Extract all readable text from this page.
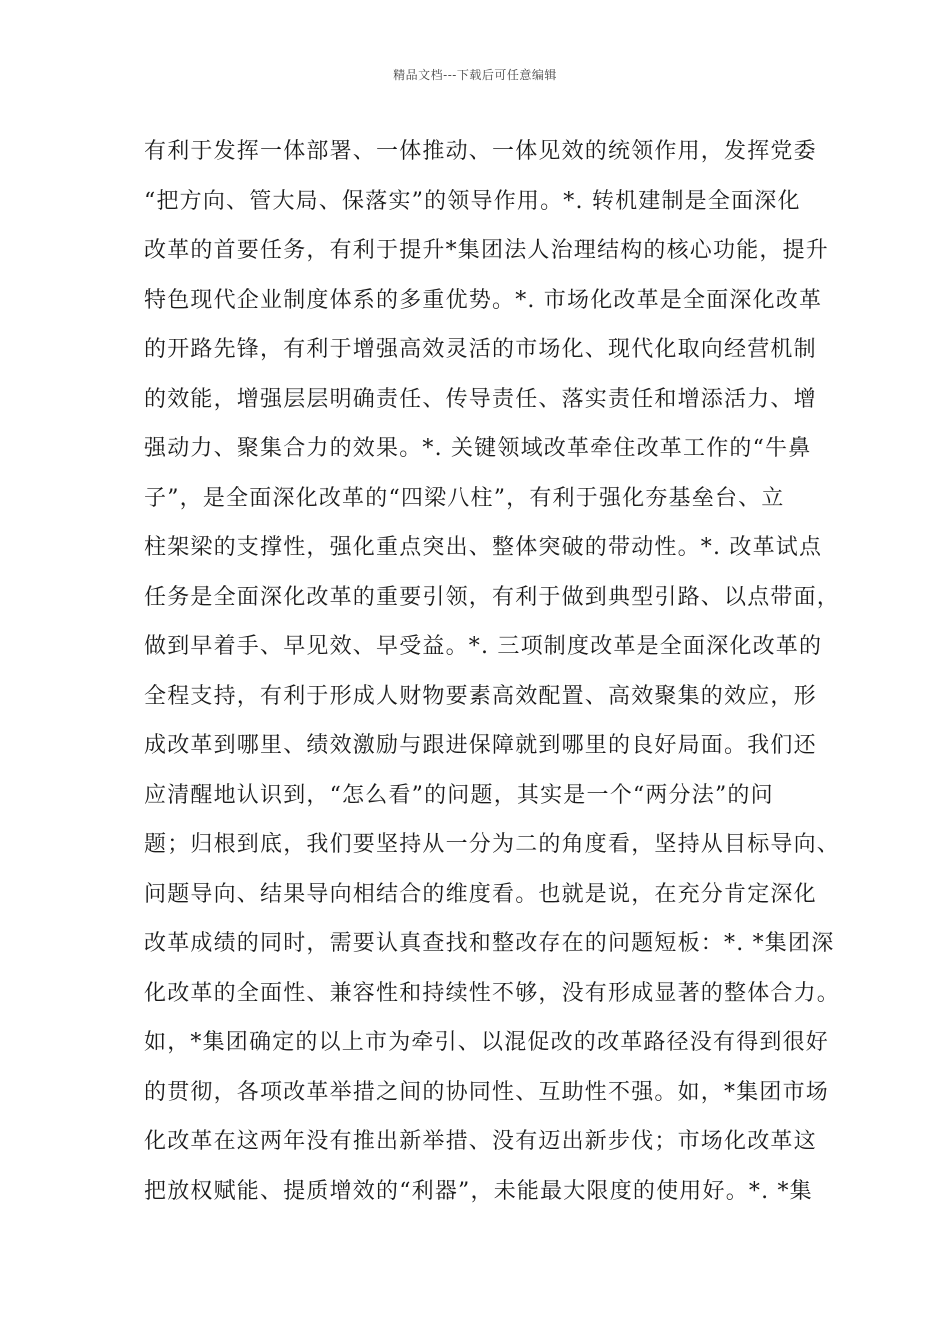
精品文档---下载后可任意编辑
有利于发挥一体部署、一体推动、一体见效的统领作用，发挥党委
“把方向、管大局、保落实”的领导作用。*. 转机建制是全面深化
改革的首要任务，有利于提升*集团法人治理结构的核心功能，提升
特色现代企业制度体系的多重优势。*. 市场化改革是全面深化改革
的开路先锋，有利于增强高效灵活的市场化、现代化取向经营机制
的效能，增强层层明确责任、传导责任、落实责任和增添活力、增
强动力、聚集合力的效果。*. 关键领域改革牵住改革工作的“牛鼻
子”，是全面深化改革的“四梁八柱”，有利于强化夯基垒台、立
柱架梁的支撑性，强化重点突出、整体突破的带动性。*. 改革试点
任务是全面深化改革的重要引领，有利于做到典型引路、以点带面，
做到早着手、早见效、早受益。*. 三项制度改革是全面深化改革的
全程支持，有利于形成人财物要素高效配置、高效聚集的效应，形
成改革到哪里、绩效激励与跟进保障就到哪里的良好局面。我们还
应清醒地认识到，“怎么看”的问题，其实是一个“两分法”的问
题；归根到底，我们要坚持从一分为二的角度看，坚持从目标导向、
问题导向、结果导向相结合的维度看。也就是说，在充分肯定深化
改革成绩的同时，需要认真查找和整改存在的问题短板：*. *集团深
化改革的全面性、兼容性和持续性不够，没有形成显著的整体合力。
如，*集团确定的以上市为牵引、以混促改的改革路径没有得到很好
的贯彻，各项改革举措之间的协同性、互助性不强。如，*集团市场
化改革在这两年没有推出新举措、没有迈出新步伐；市场化改革这
把放权赋能、提质增效的“利器”，未能最大限度的使用好。*. *集
